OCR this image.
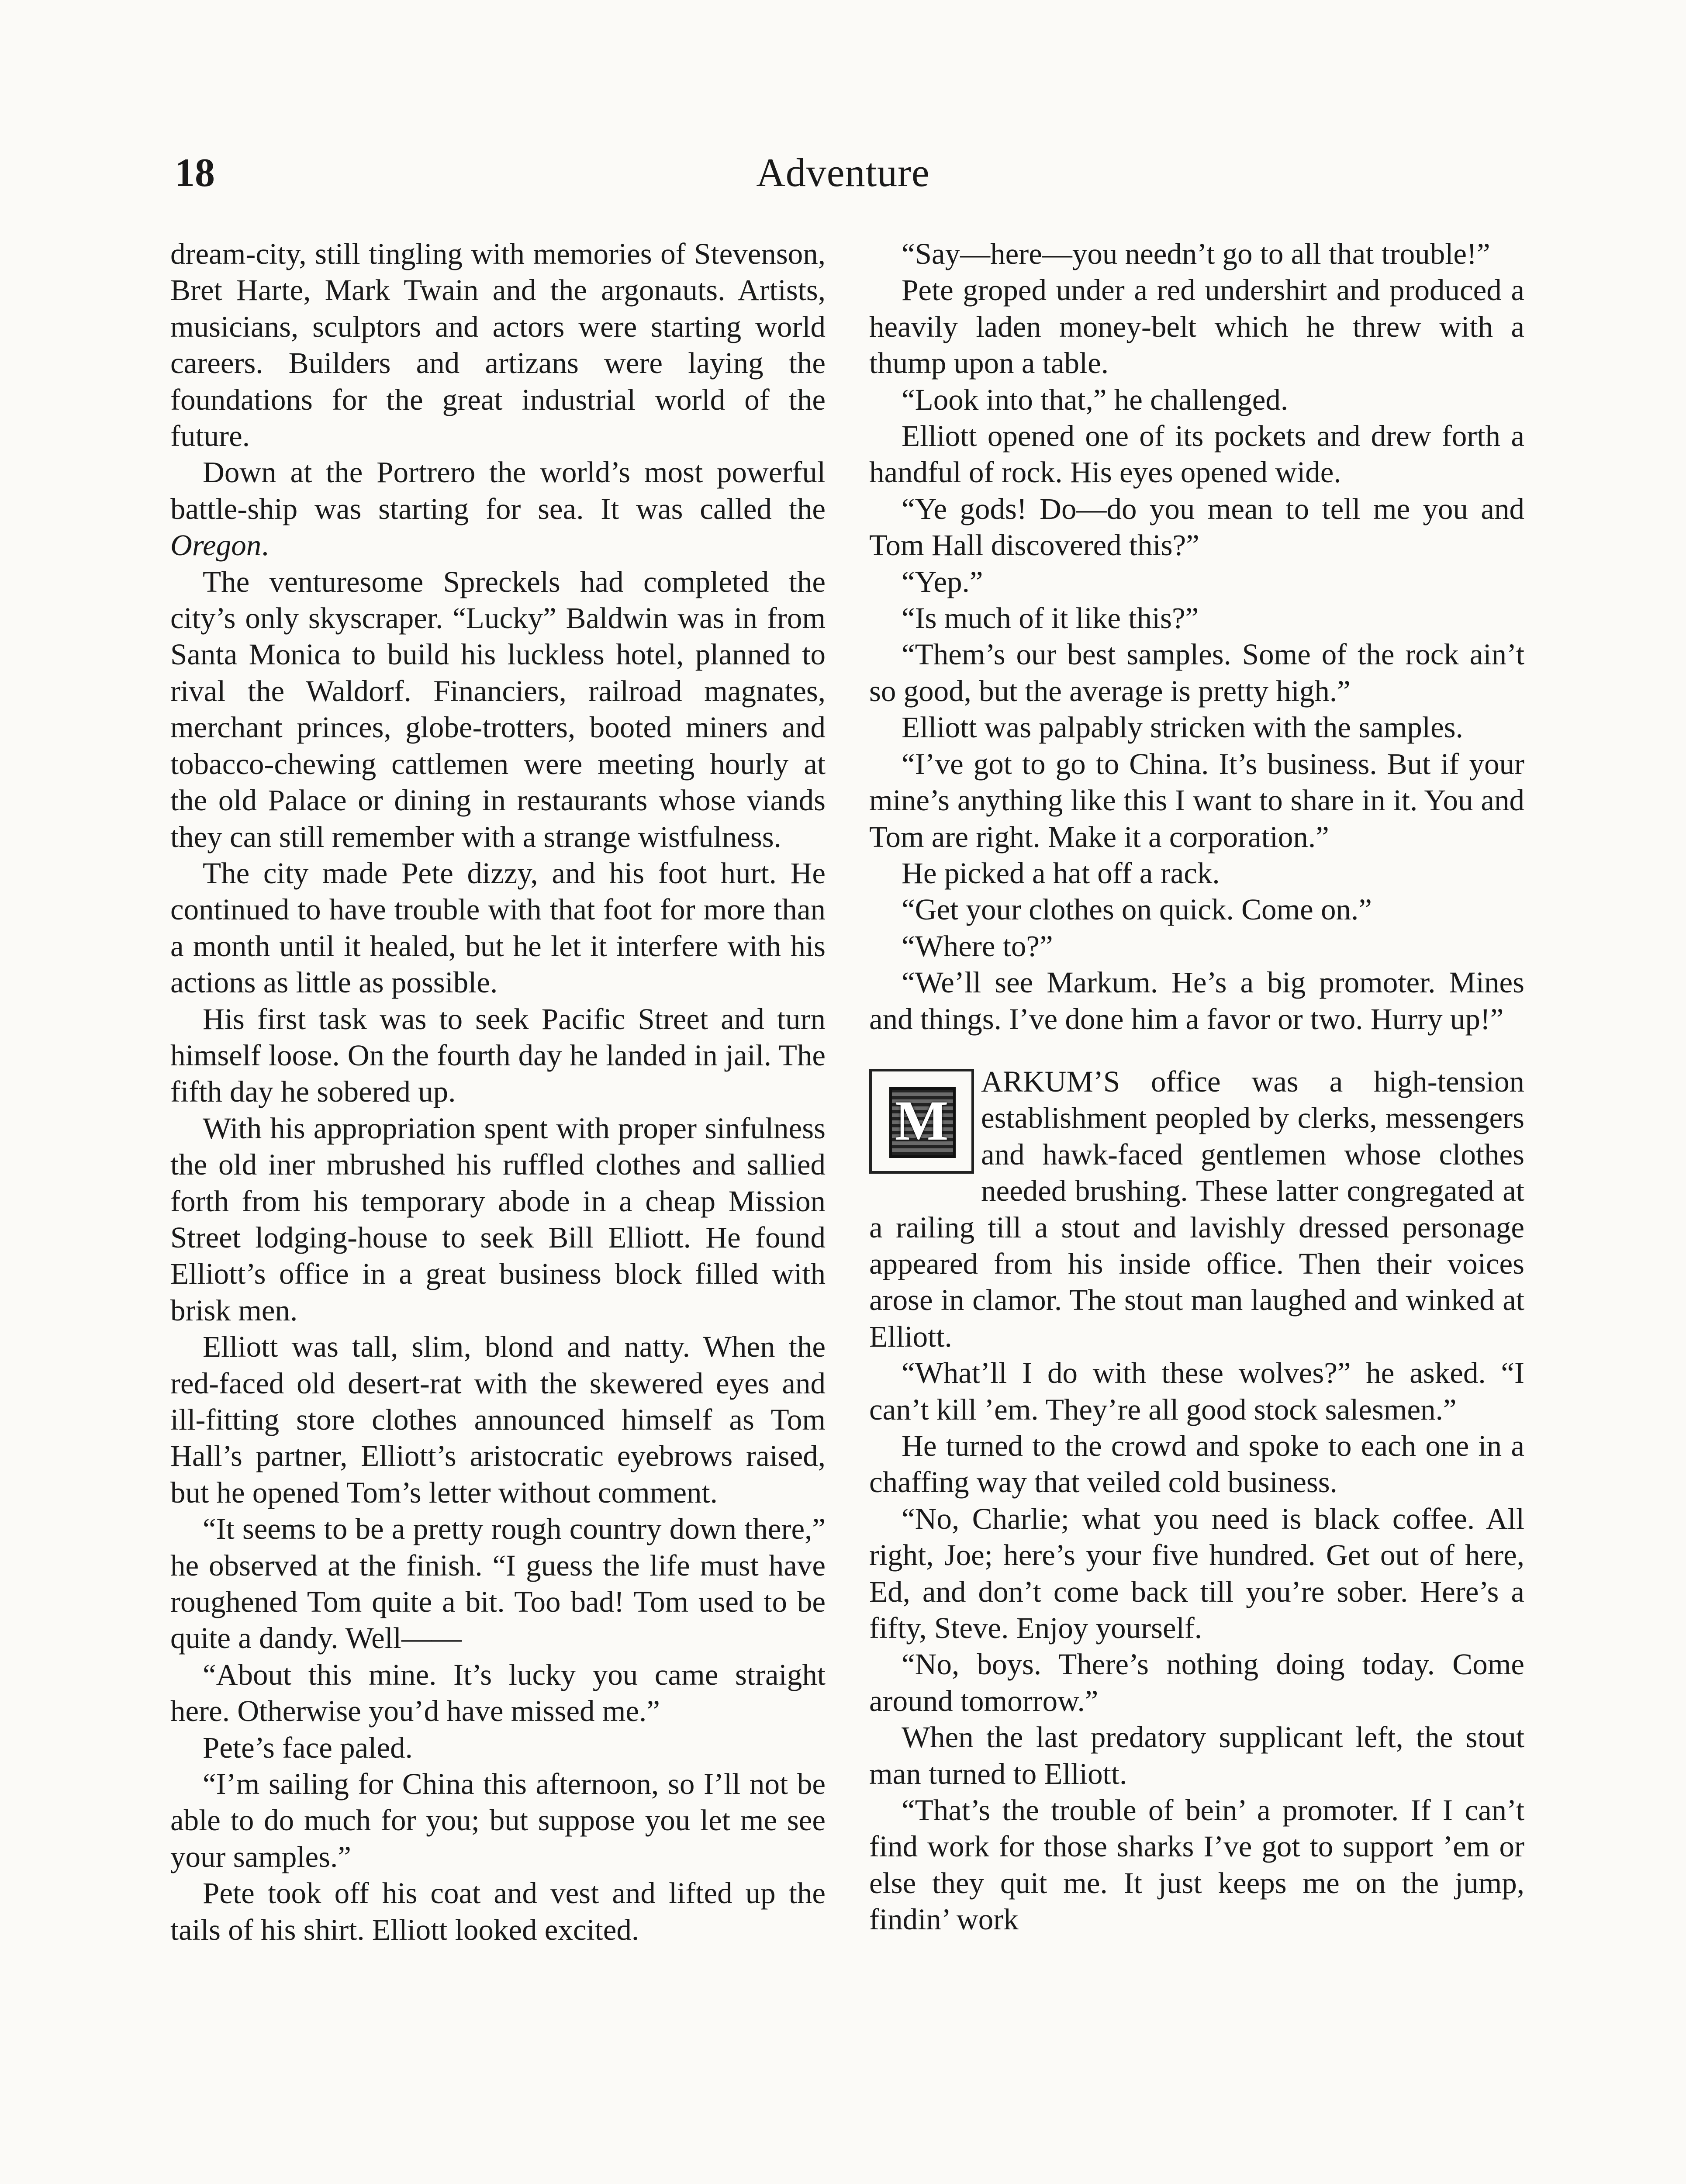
18	Adventure

dream-city, still tingling with memories of Stevenson, Bret Harte, Mark Twain and the argonauts. Artists, musicians, sculptors and actors were starting world careers. Builders and artizans were laying the foundations for the great industrial world of the future.

Down at the Portrero the world’s most powerful battle-ship was starting for sea. It was called the Oregon.

The venturesome Spreckels had completed the city’s only skyscraper. “Lucky” Baldwin was in from Santa Monica to build his luckless hotel, planned to rival the Waldorf. Financiers, railroad magnates, merchant princes, globe-trotters, booted miners and tobacco-chewing cattlemen were meeting hourly at the old Palace or dining in restaurants whose viands they can still remember with a strange wistfulness.

The city made Pete dizzy, and his foot hurt. He continued to have trouble with that foot for more than a month until it healed, but he let it interfere with his actions as little as possible.

His first task was to seek Pacific Street and turn himself loose. On the fourth day he landed in jail. The fifth day he sobered up.

With his appropriation spent with proper sinfulness the old iner mbrushed his ruffled clothes and sallied forth from his temporary abode in a cheap Mission Street lodging-house to seek Bill Elliott. He found Elliott’s office in a great business block filled with brisk men.

Elliott was tall, slim, blond and natty. When the red-faced old desert-rat with the skewered eyes and ill-fitting store clothes announced himself as Tom Hall’s partner, Elliott’s aristocratic eyebrows raised, but he opened Tom’s letter without comment.

“It seems to be a pretty rough country down there,” he observed at the finish. “I guess the life must have roughened Tom quite a bit. Too bad! Tom used to be quite a dandy. Well——

“About this mine. It’s lucky you came straight here. Otherwise you’d have missed me.”

Pete’s face paled.

“I’m sailing for China this afternoon, so I’ll not be able to do much for you; but suppose you let me see your samples.”

Pete took off his coat and vest and lifted up the tails of his shirt. Elliott looked excited.

“Say—here—you needn’t go to all that trouble!”

Pete groped under a red undershirt and produced a heavily laden money-belt which he threw with a thump upon a table.

“Look into that,” he challenged.

Elliott opened one of its pockets and drew forth a handful of rock. His eyes opened wide.

“Ye gods! Do—do you mean to tell me you and Tom Hall discovered this?”

“Yep.”

“Is much of it like this?”

“Them’s our best samples. Some of the rock ain’t so good, but the average is pretty high.”

Elliott was palpably stricken with the samples.

“I’ve got to go to China. It’s business. But if your mine’s anything like this I want to share in it. You and Tom are right. Make it a corporation.”

He picked a hat off a rack.

“Get your clothes on quick. Come on.”

“Where to?”

“We’ll see Markum. He’s a big promoter. Mines and things. I’ve done him a favor or two. Hurry up!”

M
ARKUM’S office was a high-tension establishment peopled by clerks, messengers and hawk-faced gentlemen whose clothes needed brushing. These latter congregated at a railing till a stout and lavishly dressed personage appeared from his inside office. Then their voices arose in clamor. The stout man laughed and winked at Elliott.

“What’ll I do with these wolves?” he asked. “I can’t kill ’em. They’re all good stock salesmen.”

He turned to the crowd and spoke to each one in a chaffing way that veiled cold business.

“No, Charlie; what you need is black coffee. All right, Joe; here’s your five hundred. Get out of here, Ed, and don’t come back till you’re sober. Here’s a fifty, Steve. Enjoy yourself.

“No, boys. There’s nothing doing today. Come around tomorrow.”

When the last predatory supplicant left, the stout man turned to Elliott.

“That’s the trouble of bein’ a promoter. If I can’t find work for those sharks I’ve got to support ’em or else they quit me. It just keeps me on the jump, findin’ work
